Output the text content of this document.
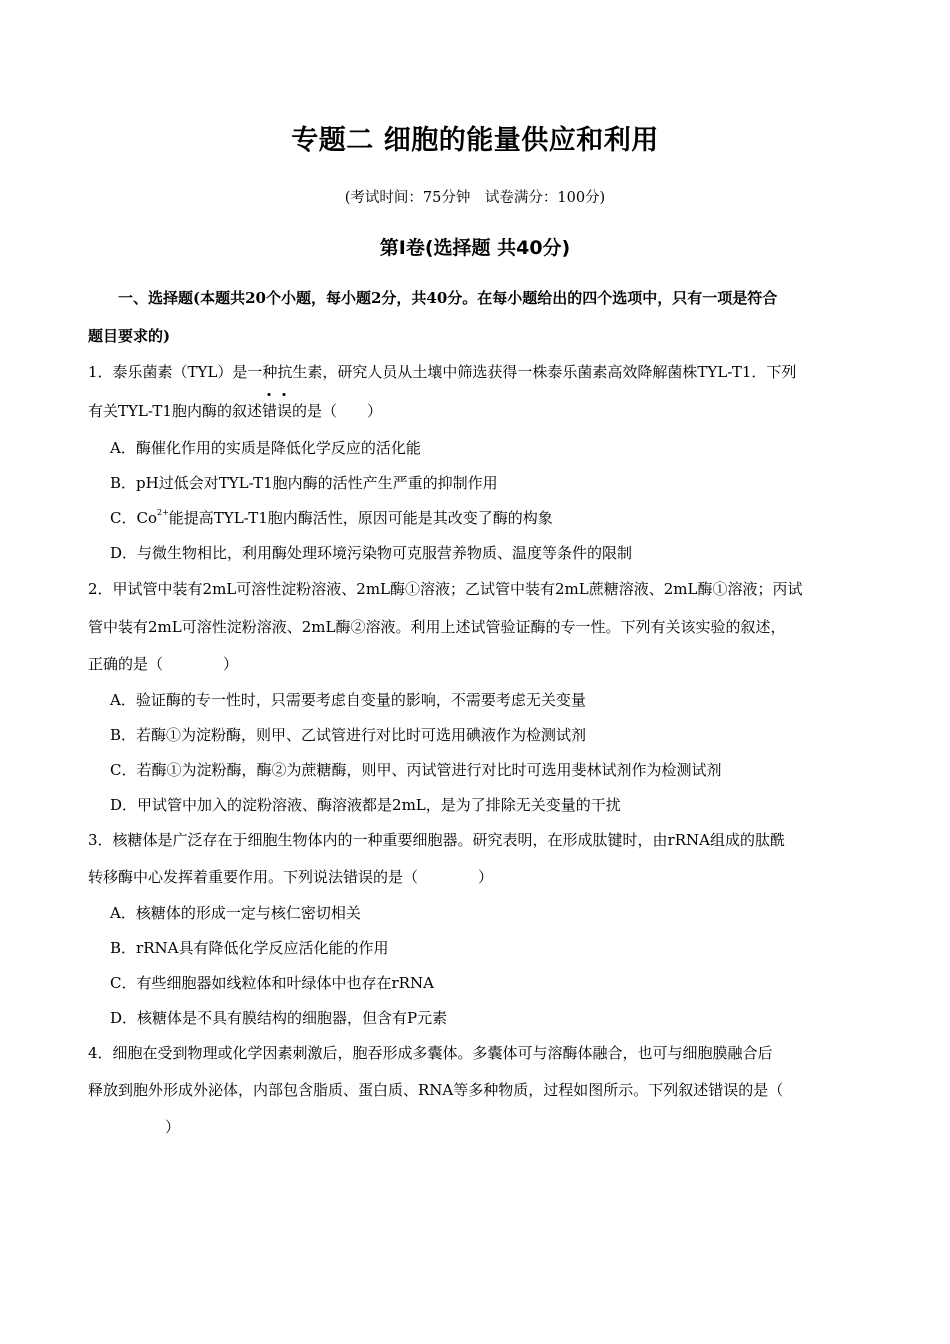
专题二 细胞的能量供应和利用
(考试时间：75分钟　试卷满分：100分)
第Ⅰ卷(选择题 共40分)
一、选择题(本题共20个小题，每小题2分，共40分。在每小题给出的四个选项中，只有一项是符合
题目要求的)
1．泰乐菌素（TYL）是一种抗生素，研究人员从土壤中筛选获得一株泰乐菌素高效降解菌株TYL-T1．下列
有关TYL-T1胞内酶的叙述错
误
的是（　　）
A．酶催化作用的实质是降低化学反应的活化能
B．pH过低会对TYL-T1胞内酶的活性产生严重的抑制作用
C．$Co^{2+}$能提高TYL-T1胞内酶活性，原因可能是其改变了酶的构象
D．与微生物相比，利用酶处理环境污染物可克服营养物质、温度等条件的限制
2．甲试管中装有2mL可溶性淀粉溶液、2mL酶①溶液；乙试管中装有2mL蔗糖溶液、2mL酶①溶液；丙试
管中装有2mL可溶性淀粉溶液、2mL酶②溶液。利用上述试管验证酶的专一性。下列有关该实验的叙述，
正确的是（　　　　）
A．验证酶的专一性时，只需要考虑自变量的影响，不需要考虑无关变量
B．若酶①为淀粉酶，则甲、乙试管进行对比时可选用碘液作为检测试剂
C．若酶①为淀粉酶，酶②为蔗糖酶，则甲、丙试管进行对比时可选用斐林试剂作为检测试剂
D．甲试管中加入的淀粉溶液、酶溶液都是2mL，是为了排除无关变量的干扰
3．核糖体是广泛存在于细胞生物体内的一种重要细胞器。研究表明，在形成肽键时，由rRNA组成的肽酰
转移酶中心发挥着重要作用。下列说法错误的是（　　　　）
A．核糖体的形成一定与核仁密切相关
B．rRNA具有降低化学反应活化能的作用
C．有些细胞器如线粒体和叶绿体中也存在rRNA
D．核糖体是不具有膜结构的细胞器，但含有P元素
4．细胞在受到物理或化学因素刺激后，胞吞形成多囊体。多囊体可与溶酶体融合，也可与细胞膜融合后
释放到胞外形成外泌体，内部包含脂质、蛋白质、RNA等多种物质，过程如图所示。下列叙述错误的是（
　　　）
